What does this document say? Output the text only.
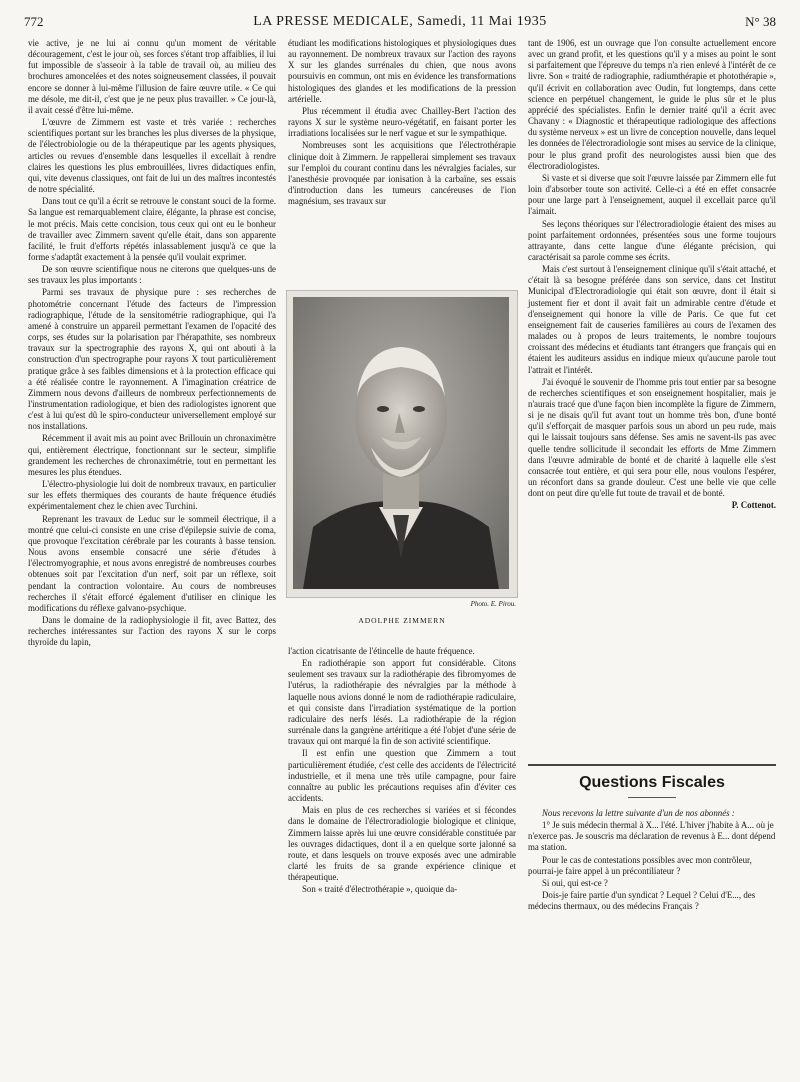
772	LA PRESSE MEDICALE, Samedi, 11 Mai 1935	N° 38

vie active, je ne lui ai connu qu'un moment de véritable découragement, c'est le jour où, ses forces s'étant trop affaiblies, il lui fut impossible de s'asseoir à la table de travail où, au milieu des brochures amoncelées et des notes soigneusement classées, il pouvait encore se donner à lui-même l'illusion de faire œuvre utile. « Ce qui me désole, me dit-il, c'est que je ne peux plus travailler. » Ce jour-là, il avait cessé d'être lui-même.

L'œuvre de Zimmern est vaste et très variée : recherches scientifiques portant sur les branches les plus diverses de la physique, de l'électrobiologie ou de la thérapeutique par les agents physiques, articles ou revues d'ensemble dans lesquelles il excellait à rendre claires les questions les plus embrouillées, livres didactiques enfin, qui, vite devenus classiques, ont fait de lui un des maîtres incontestés de notre spécialité.

Dans tout ce qu'il a écrit se retrouve le constant souci de la forme. Sa langue est remarquablement claire, élégante, la phrase est concise, le mot précis. Mais cette concision, tous ceux qui ont eu le bonheur de travailler avec Zimmern savent qu'elle était, dans son apparente facilité, le fruit d'efforts répétés inlassablement jusqu'à ce que la forme s'adaptât exactement à la pensée qu'il voulait exprimer.

De son œuvre scientifique nous ne citerons que quelques-uns de ses travaux les plus importants :

Parmi ses travaux de physique pure : ses recherches de photométrie concernant l'étude des facteurs de l'impression radiographique, l'étude de la sensitométrie radiographique, qui l'a amené à construire un appareil permettant l'examen de l'opacité des corps, ses études sur la polarisation par l'hérapathite, ses nombreux travaux sur la spectrographie des rayons X, qui ont abouti à la construction d'un spectrographe pour rayons X tout particulièrement pratique grâce à ses faibles dimensions et à la protection efficace qui a été réalisée contre le rayonnement. A l'imagination créatrice de Zimmern nous devons d'ailleurs de nombreux perfectionnements de l'instrumentation radiologique, et bien des radiologistes ignorent que c'est à lui qu'est dû le spiro-conducteur universellement employé sur nos installations.

Récemment il avait mis au point avec Brillouin un chronaximètre qui, entièrement électrique, fonctionnant sur le secteur, simplifie grandement les recherches de chronaximétrie, tout en permettant les mesures les plus étendues.

L'électro-physiologie lui doit de nombreux travaux, en particulier sur les effets thermiques des courants de haute fréquence étudiés expérimentalement chez le chien avec Turchini.

Reprenant les travaux de Leduc sur le sommeil électrique, il a montré que celui-ci consiste en une crise d'épilepsie suivie de coma, que provoque l'excitation cérébrale par les courants à basse tension. Nous avons ensemble consacré une série d'études à l'électromyographie, et nous avons enregistré de nombreuses courbes obtenues soit par l'excitation d'un nerf, soit par un réflexe, soit pendant la contraction volontaire. Au cours de nombreuses recherches il s'était efforcé également d'utiliser en clinique les modifications du réflexe galvano-psychique.

Dans le domaine de la radiophysiologie il fit, avec Battez, des recherches intéressantes sur l'action des rayons X sur le corps thyroïde du lapin,

étudiant les modifications histologiques et physiologiques dues au rayonnement. De nombreux travaux sur l'action des rayons X sur les glandes surrénales du chien, que nous avons poursuivis en commun, ont mis en évidence les transformations histologiques des glandes et les modifications de la pression artérielle.

Plus récemment il étudia avec Chailley-Bert l'action des rayons X sur le système neuro-végétatif, en faisant porter les irradiations localisées sur le nerf vague et sur le sympathique.

Nombreuses sont les acquisitions que l'électrothérapie clinique doit à Zimmern. Je rappellerai simplement ses travaux sur l'emploi du courant continu dans les névralgies faciales, sur l'anesthésie provoquée par ionisation à la carbaïne, ses essais d'introduction dans les tumeurs cancéreuses de l'ion magnésium, ses travaux sur

Photo. E. Pirou.
ADOLPHE ZIMMERN

l'action cicatrisante de l'étincelle de haute fréquence.

En radiothérapie son apport fut considérable. Citons seulement ses travaux sur la radiothérapie des fibromyomes de l'utérus, la radiothérapie des névralgies par la méthode à laquelle nous avions donné le nom de radiothérapie radiculaire, et qui consiste dans l'irradiation systématique de la portion radiculaire des nerfs lésés. La radiothérapie de la région surrénale dans la gangrène artéritique a été l'objet d'une série de travaux qui ont marqué la fin de son activité scientifique.

Il est enfin une question que Zimmern a tout particulièrement étudiée, c'est celle des accidents de l'électricité industrielle, et il mena une très utile campagne, pour faire connaître au public les précautions requises afin d'éviter ces accidents.

Mais en plus de ces recherches si variées et si fécondes dans le domaine de l'électroradiologie biologique et clinique, Zimmern laisse après lui une œuvre considérable constituée par les ouvrages didactiques, dont il a en quelque sorte jalonné sa route, et dans lesquels on trouve exposés avec une admirable clarté les fruits de sa grande expérience clinique et thérapeutique.

Son « traité d'électrothérapie », quoique da-

tant de 1906, est un ouvrage que l'on consulte actuellement encore avec un grand profit, et les questions qu'il y a mises au point le sont si parfaitement que l'épreuve du temps n'a rien enlevé à l'intérêt de ce livre. Son « traité de radiographie, radiumthérapie et photothérapie », qu'il écrivit en collaboration avec Oudin, fut longtemps, dans cette science en perpétuel changement, le guide le plus sûr et le plus apprécié des spécialistes. Enfin le dernier traité qu'il a écrit avec Chavany : « Diagnostic et thérapeutique radiologique des affections du système nerveux » est un livre de conception nouvelle, dans lequel les données de l'électroradiologie sont mises au service de la clinique, pour le plus grand profit des neurologistes aussi bien que des électroradiologistes.

Si vaste et si diverse que soit l'œuvre laissée par Zimmern elle fut loin d'absorber toute son activité. Celle-ci a été en effet consacrée pour une large part à l'enseignement, auquel il excellait parce qu'il l'aimait.

Ses leçons théoriques sur l'électroradiologie étaient des mises au point parfaitement ordonnées, présentées sous une forme toujours attrayante, dans cette langue d'une élégante précision, qui caractérisait sa parole comme ses écrits.

Mais c'est surtout à l'enseignement clinique qu'il s'était attaché, et c'était là sa besogne préférée dans son service, dans cet Institut Municipal d'Electroradiologie qui était son œuvre, dont il était si justement fier et dont il avait fait un admirable centre d'étude et d'enseignement qui honore la ville de Paris. Ce que fut cet enseignement fait de causeries familières au cours de l'examen des malades ou à propos de leurs traitements, le nombre toujours croissant des médecins et étudiants tant étrangers que français qui en étaient les auditeurs assidus en indique mieux qu'aucune parole tout l'attrait et l'intérêt.

J'ai évoqué le souvenir de l'homme pris tout entier par sa besogne de recherches scientifiques et son enseignement hospitalier, mais je n'aurais tracé que d'une façon bien incomplète la figure de Zimmern, si je ne disais qu'il fut avant tout un homme très bon, d'une bonté qu'il s'efforçait de masquer parfois sous un abord un peu rude, mais qui le laissait toujours sans défense. Ses amis ne savent-ils pas avec quelle tendre sollicitude il secondait les efforts de Mme Zimmern dans l'œuvre admirable de bonté et de charité à laquelle elle s'est consacrée tout entière, et qui sera pour elle, nous voulons l'espérer, un réconfort dans sa grande douleur. C'est une belle vie que celle dont on peut dire qu'elle fut toute de travail et de bonté.

P. Cottenot.

Questions Fiscales

Nous recevons la lettre suivante d'un de nos abonnés :

1° Je suis médecin thermal à X... l'été. L'hiver j'habite à A... où je n'exerce pas. Je souscris ma déclaration de revenus à E... dont dépend ma station.

Pour le cas de contestations possibles avec mon contrôleur, pourrai-je faire appel à un précontiliateur ?

Si oui, qui est-ce ?

Dois-je faire partie d'un syndicat ? Lequel ? Celui d'E..., des médecins thermaux, ou des médecins Français ?
